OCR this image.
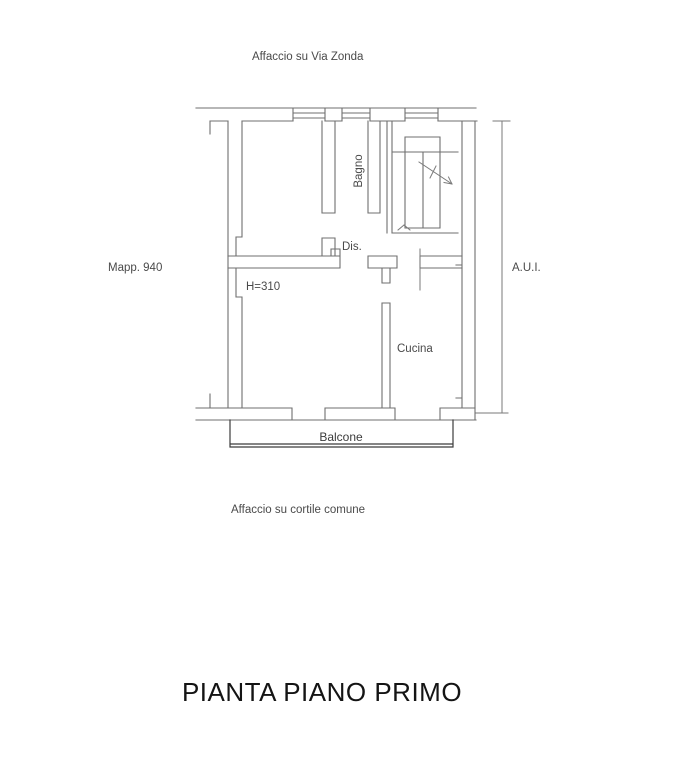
Affaccio su Via Zonda
Mapp. 940	A.U.I.
Affaccio su cortile comune
Bagno
Dis.
H=310
Cucina
Balcone
PIANTA PIANO PRIMO
